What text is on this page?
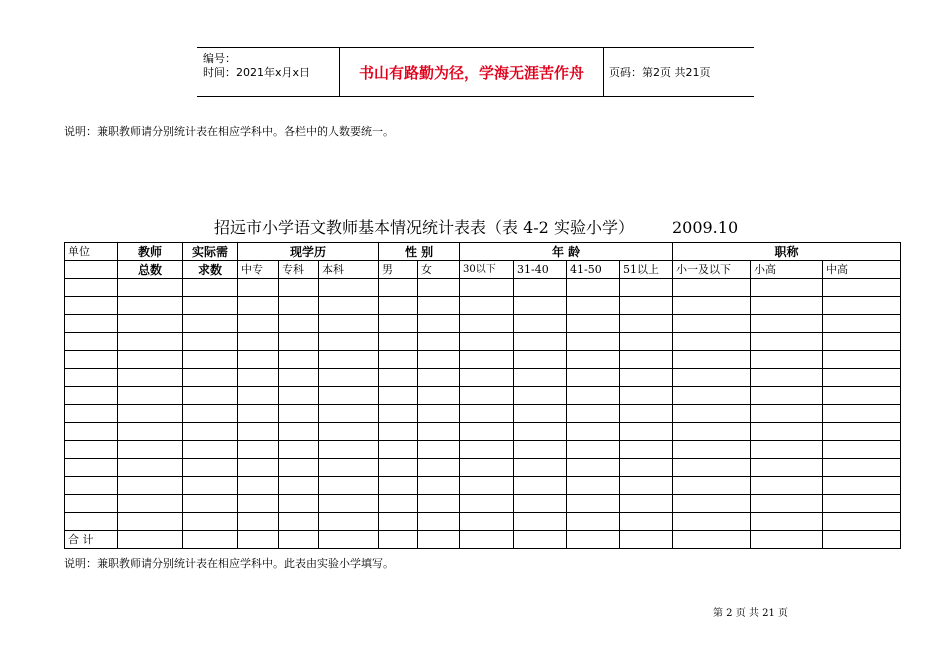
编号：
时间：2021年x月x日	书山有路勤为径，学海无涯苦作舟	页码：第2页 共21页
说明：兼职教师请分别统计表在相应学科中。各栏中的人数要统一。
招远市小学语文教师基本情况统计表表（表 4-2 实验小学） 2009.10
单位	教师	实际需	现学历			性 别		年 龄				职称		
	总数	求数	中专	专科	本科	男	女	30以下	31-40	41-50	51以上	小一及以下	小高	中高

合 计														
说明：兼职教师请分别统计表在相应学科中。此表由实验小学填写。
第 2 页 共 21 页
